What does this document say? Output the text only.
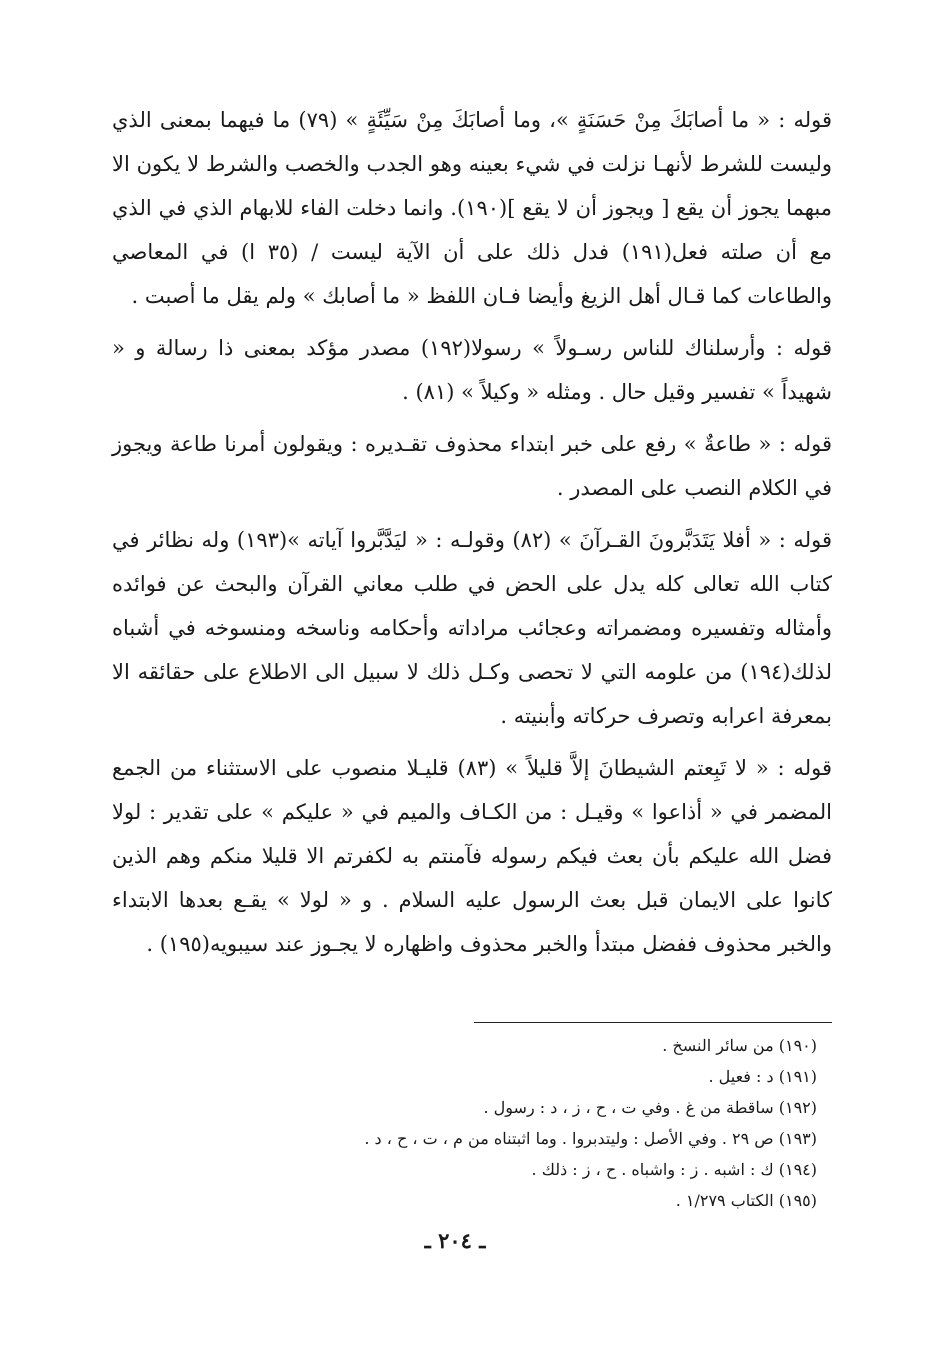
قوله : « ما أصابَكَ مِنْ حَسَنَةٍ »، وما أصابَكَ مِنْ سَيِّئَةٍ » (٧٩) ما فيهما بمعنى الذي وليست للشرط لأنهـا نزلت في شيء بعينه وهو الجدب والخصب والشرط لا يكون الا مبهما يجوز أن يقع [ ويجوز أن لا يقع ](١٩٠). وانما دخلت الفاء للابهام الذي في الذي مع أن صلته فعل(١٩١) فدل ذلك على أن الآية ليست / (٣٥ ا) في المعاصي والطاعات كما قـال أهل الزيغ وأيضا فـان اللفظ « ما أصابك » ولم يقل ما أصبت .

قوله : وأرسلناك للناس رسـولاً » رسولا(١٩٢) مصدر مؤكد بمعنى ذا رسالة و « شهيداً » تفسير وقيل حال . ومثله « وكيلاً » (٨١) .

قوله : « طاعةٌ » رفع على خبر ابتداء محذوف تقـديره : ويقولون أمرنا طاعة ويجوز في الكلام النصب على المصدر .

قوله : « أفلا يَتَدَبَّرونَ القـرآنَ » (٨٢) وقولـه : « ليَدَّبَّروا آياته »(١٩٣) وله نظائر في كتاب الله تعالى كله يدل على الحض في طلب معاني القرآن والبحث عن فوائده وأمثاله وتفسيره ومضمراته وعجائب مراداته وأحكامه وناسخه ومنسوخه في أشباه لذلك(١٩٤) من علومه التي لا تحصى وكـل ذلك لا سبيل الى الاطلاع على حقائقه الا بمعرفة اعرابه وتصرف حركاته وأبنيته .

قوله : « لا تَبِعتم الشيطانَ إلاَّ قليلاً » (٨٣) قليـلا منصوب على الاستثناء من الجمع المضمر في « أذاعوا » وقيـل : من الكـاف والميم في « عليكم » على تقدير : لولا فضل الله عليكم بأن بعث فيكم رسوله فآمنتم به لكفرتم الا قليلا منكم وهم الذين كانوا على الايمان قبل بعث الرسول عليه السلام . و « لولا » يقـع بعدها الابتداء والخبر محذوف ففضل مبتدأ والخبر محذوف واظهاره لا يجـوز عند سيبويه(١٩٥) .

(١٩٠) من سائر النسخ .
(١٩١) د : فعيل .
(١٩٢) ساقطة من غ . وفي ت ، ح ، ز ، د : رسول .
(١٩٣) ص ٢٩ . وفي الأصل : وليتدبروا . وما اثبتناه من م ، ت ، ح ، د .
(١٩٤) ك : اشبه . ز : واشباه . ح ، ز : ذلك .
(١٩٥) الكتاب ١/٢٧٩ .
ـ ٢٠٤ ـ
